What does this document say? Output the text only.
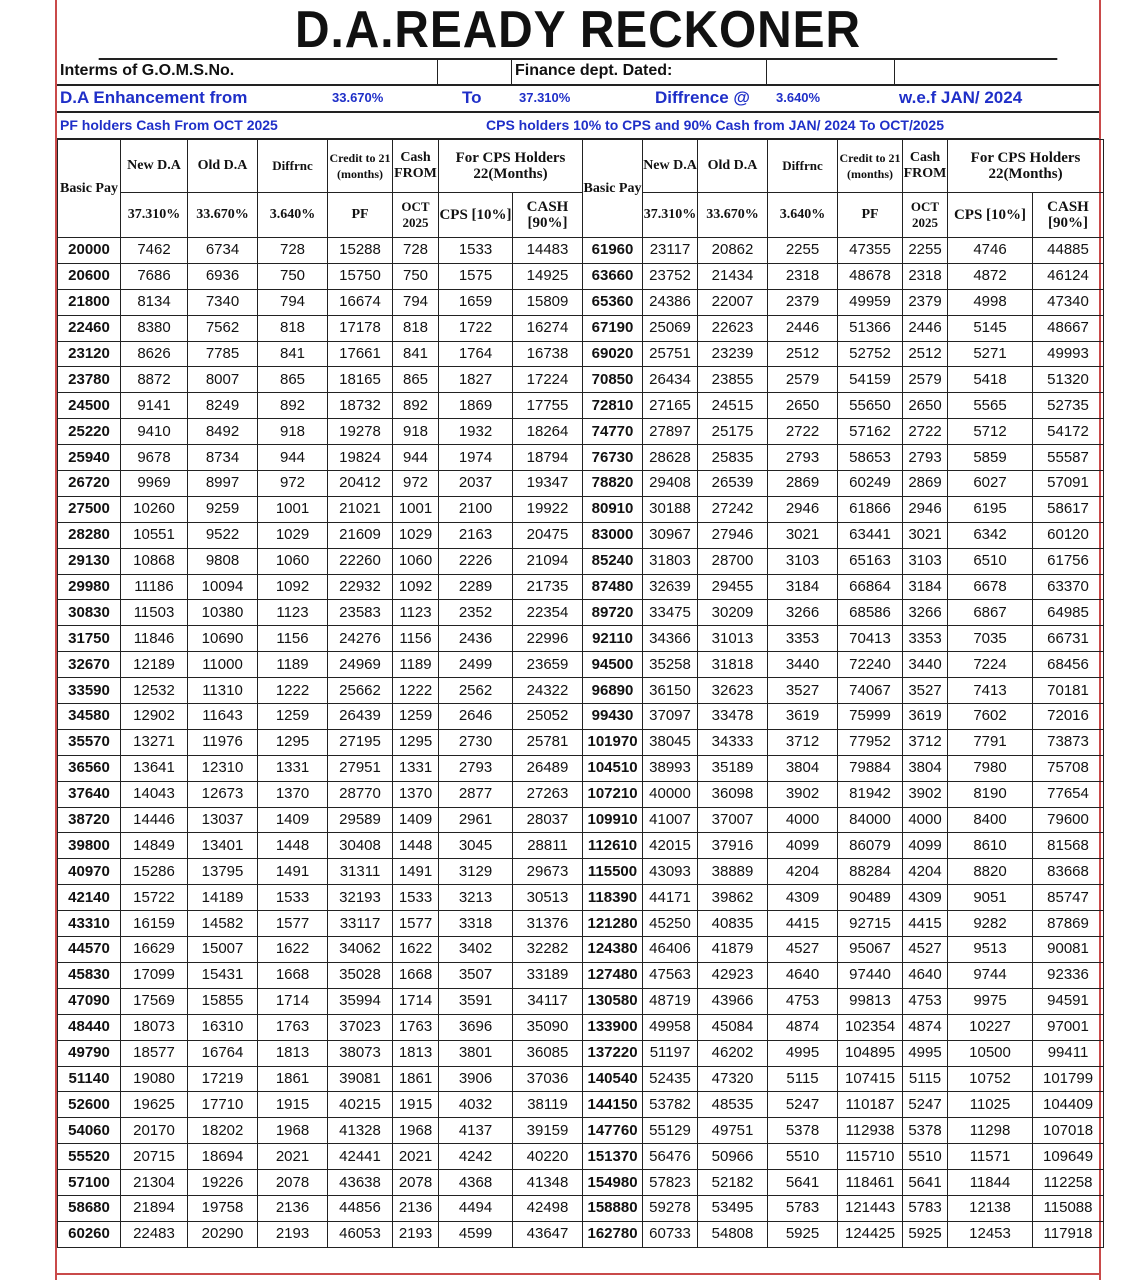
D.A.READY RECKONER
Interms of G.O.M.S.No.	Finance dept. Dated:
D.A Enhancement from	33.670%	To	37.310%	Diffrence @ 3.640%	w.e.f JAN/ 2024
PF holders Cash From OCT 2025	CPS holders 10% to CPS and 90% Cash from JAN/ 2024 To OCT/2025
Basic Pay	New D.A	Old D.A	Diffrnc	Credit to 21 (months)	Cash FROM	For CPS Holders 22(Months)		Basic Pay	New D.A	Old D.A	Diffrnc	Credit to 21 (months)	Cash FROM	For CPS Holders 22(Months)	
	37.310%	33.670%	3.640%	PF	OCT 2025	CPS [10%]	CASH [90%]		37.310%	33.670%	3.640%	PF	OCT 2025	CPS [10%]	CASH [90%]
20000	7462	6734	728	15288	728	1533	14483	61960	23117	20862	2255	47355	2255	4746	44885
20600	7686	6936	750	15750	750	1575	14925	63660	23752	21434	2318	48678	2318	4872	46124
21800	8134	7340	794	16674	794	1659	15809	65360	24386	22007	2379	49959	2379	4998	47340
22460	8380	7562	818	17178	818	1722	16274	67190	25069	22623	2446	51366	2446	5145	48667
23120	8626	7785	841	17661	841	1764	16738	69020	25751	23239	2512	52752	2512	5271	49993
23780	8872	8007	865	18165	865	1827	17224	70850	26434	23855	2579	54159	2579	5418	51320
24500	9141	8249	892	18732	892	1869	17755	72810	27165	24515	2650	55650	2650	5565	52735
25220	9410	8492	918	19278	918	1932	18264	74770	27897	25175	2722	57162	2722	5712	54172
25940	9678	8734	944	19824	944	1974	18794	76730	28628	25835	2793	58653	2793	5859	55587
26720	9969	8997	972	20412	972	2037	19347	78820	29408	26539	2869	60249	2869	6027	57091
27500	10260	9259	1001	21021	1001	2100	19922	80910	30188	27242	2946	61866	2946	6195	58617
28280	10551	9522	1029	21609	1029	2163	20475	83000	30967	27946	3021	63441	3021	6342	60120
29130	10868	9808	1060	22260	1060	2226	21094	85240	31803	28700	3103	65163	3103	6510	61756
29980	11186	10094	1092	22932	1092	2289	21735	87480	32639	29455	3184	66864	3184	6678	63370
30830	11503	10380	1123	23583	1123	2352	22354	89720	33475	30209	3266	68586	3266	6867	64985
31750	11846	10690	1156	24276	1156	2436	22996	92110	34366	31013	3353	70413	3353	7035	66731
32670	12189	11000	1189	24969	1189	2499	23659	94500	35258	31818	3440	72240	3440	7224	68456
33590	12532	11310	1222	25662	1222	2562	24322	96890	36150	32623	3527	74067	3527	7413	70181
34580	12902	11643	1259	26439	1259	2646	25052	99430	37097	33478	3619	75999	3619	7602	72016
35570	13271	11976	1295	27195	1295	2730	25781	101970	38045	34333	3712	77952	3712	7791	73873
36560	13641	12310	1331	27951	1331	2793	26489	104510	38993	35189	3804	79884	3804	7980	75708
37640	14043	12673	1370	28770	1370	2877	27263	107210	40000	36098	3902	81942	3902	8190	77654
38720	14446	13037	1409	29589	1409	2961	28037	109910	41007	37007	4000	84000	4000	8400	79600
39800	14849	13401	1448	30408	1448	3045	28811	112610	42015	37916	4099	86079	4099	8610	81568
40970	15286	13795	1491	31311	1491	3129	29673	115500	43093	38889	4204	88284	4204	8820	83668
42140	15722	14189	1533	32193	1533	3213	30513	118390	44171	39862	4309	90489	4309	9051	85747
43310	16159	14582	1577	33117	1577	3318	31376	121280	45250	40835	4415	92715	4415	9282	87869
44570	16629	15007	1622	34062	1622	3402	32282	124380	46406	41879	4527	95067	4527	9513	90081
45830	17099	15431	1668	35028	1668	3507	33189	127480	47563	42923	4640	97440	4640	9744	92336
47090	17569	15855	1714	35994	1714	3591	34117	130580	48719	43966	4753	99813	4753	9975	94591
48440	18073	16310	1763	37023	1763	3696	35090	133900	49958	45084	4874	102354	4874	10227	97001
49790	18577	16764	1813	38073	1813	3801	36085	137220	51197	46202	4995	104895	4995	10500	99411
51140	19080	17219	1861	39081	1861	3906	37036	140540	52435	47320	5115	107415	5115	10752	101799
52600	19625	17710	1915	40215	1915	4032	38119	144150	53782	48535	5247	110187	5247	11025	104409
54060	20170	18202	1968	41328	1968	4137	39159	147760	55129	49751	5378	112938	5378	11298	107018
55520	20715	18694	2021	42441	2021	4242	40220	151370	56476	50966	5510	115710	5510	11571	109649
57100	21304	19226	2078	43638	2078	4368	41348	154980	57823	52182	5641	118461	5641	11844	112258
58680	21894	19758	2136	44856	2136	4494	42498	158880	59278	53495	5783	121443	5783	12138	115088
60260	22483	20290	2193	46053	2193	4599	43647	162780	60733	54808	5925	124425	5925	12453	117918
